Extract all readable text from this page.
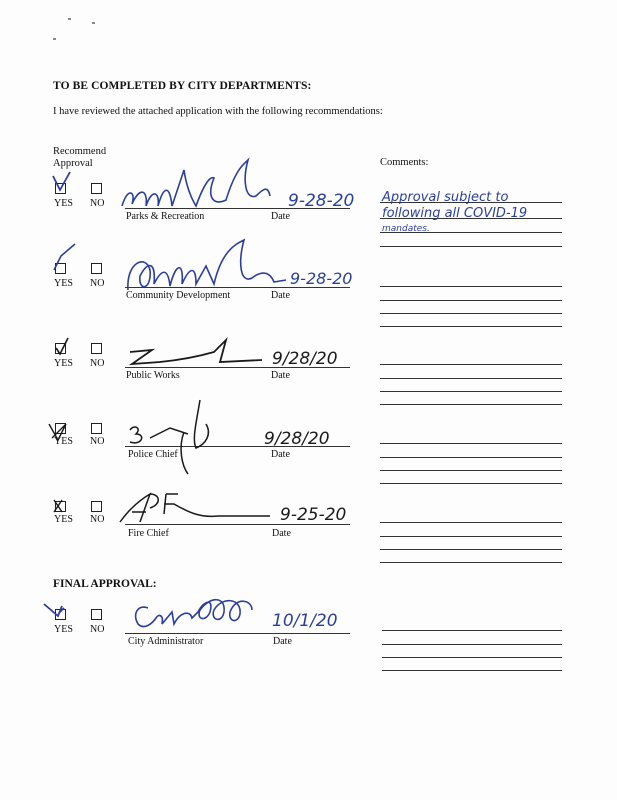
TO BE COMPLETED BY CITY DEPARTMENTS:
I have reviewed the attached application with the following recommendations:
Recommend
Approval	Comments:
YES NO
Parks & Recreation	Date
9-28-20 Approval subject to
following all COVID-19
mandates.
YES NO
Community Development	Date
9-28-20
YES NO
Public Works	Date
9/28/20
YES NO
Police Chief	Date
9/28/20
YES NO
Fire Chief	Date
9-25-20
FINAL APPROVAL:
YES NO
City Administrator	Date
10/1/20
